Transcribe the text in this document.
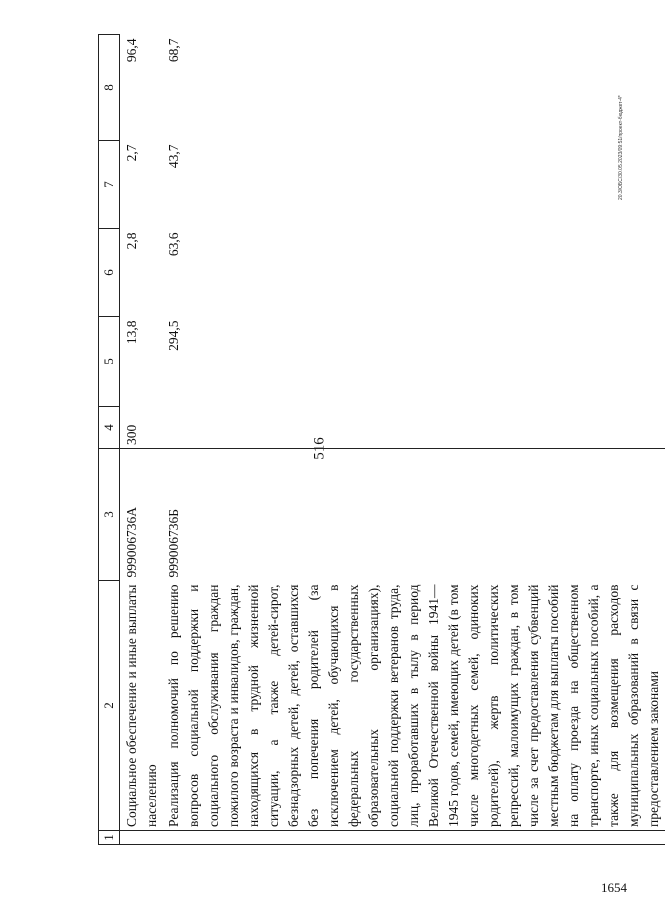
516
1654
20.3/ОБС/30.05.2023/09:51/проект-бюджет-4*
1	2	3	4	5	6	7	8
	Социальное обеспечение и иные выплаты населению	999006736А	300	13,8	2,8	2,7	96,4
	Реализация полномочий по решению вопросов социальной поддержки и социального обслуживания граждан пожилого возраста и инвалидов, граждан, находящихся в трудной жизненной ситуации, а также детей-сирот, безнадзорных детей, детей, оставшихся без попечения родителей (за исключением детей, обучающихся в федеральных государственных образовательных организациях), социальной поддержки ветеранов труда, лиц, проработавших в тылу в период Великой Отечественной войны 1941—1945 годов, семей, имеющих детей (в том числе многодетных семей, одиноких родителей), жертв политических репрессий, малоимущих граждан, в том числе за счет предоставления субвенций местным бюджетам для выплаты пособий на оплату проезда на общественном транспорте, иных социальных пособий, а также для возмещения расходов муниципальных образований в связи с предоставлением законами	999006736Б		294,5	63,6	43,7	68,7
